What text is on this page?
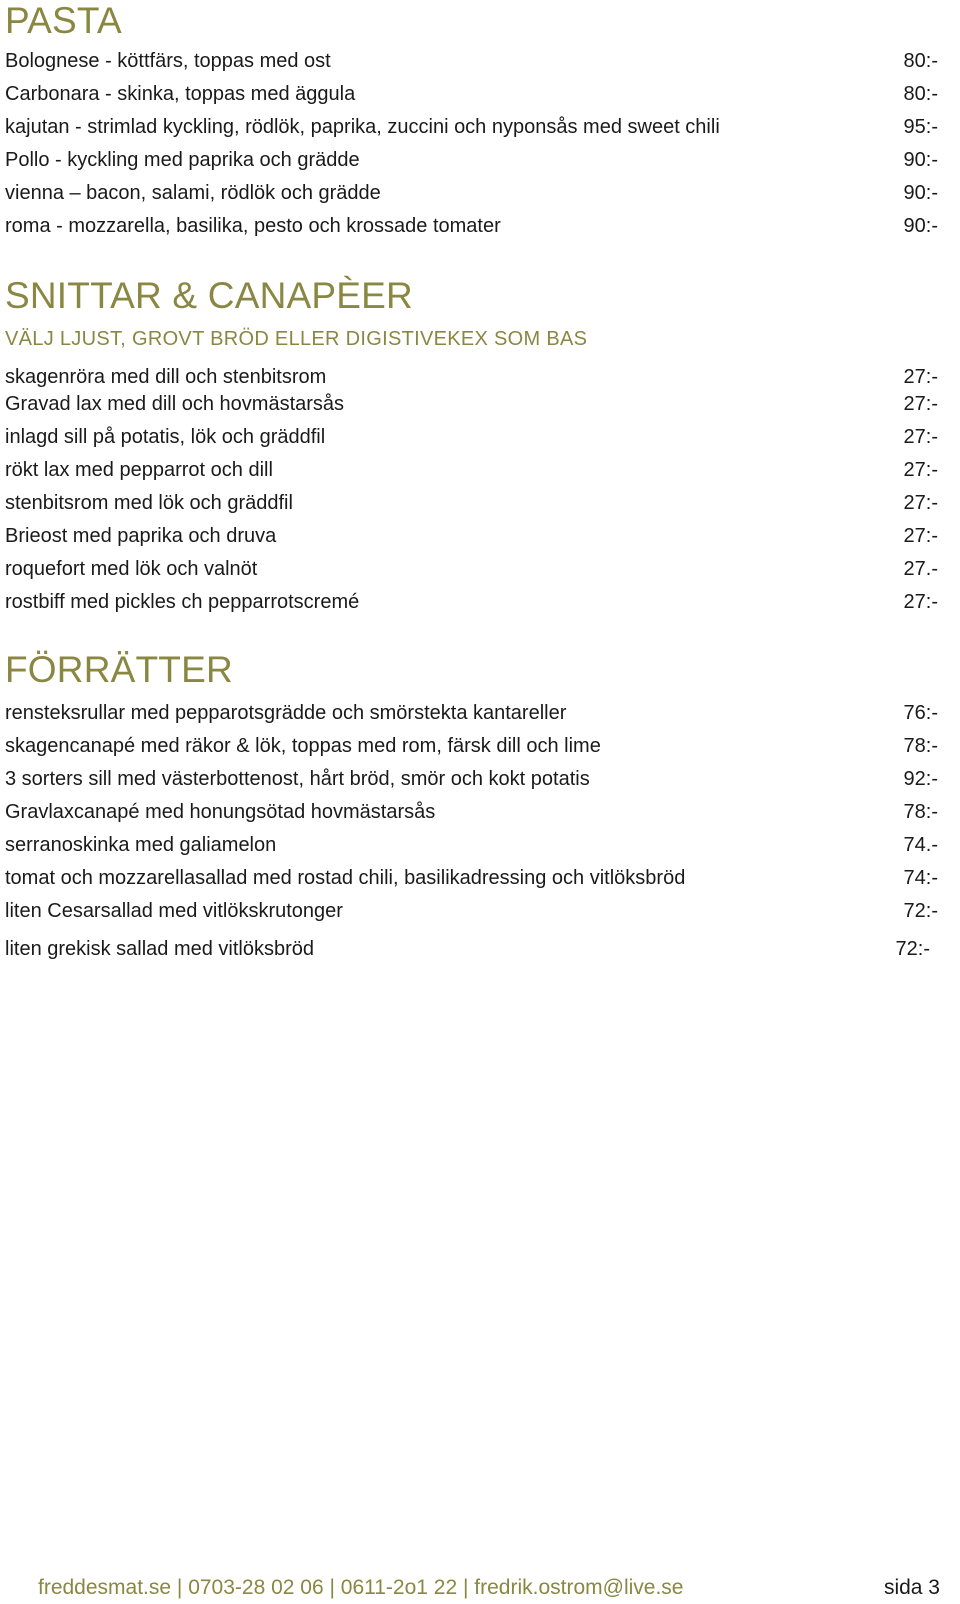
PASTA
Bolognese - köttfärs, toppas med ost	80:-
Carbonara - skinka, toppas med äggula	80:-
kajutan - strimlad kyckling, rödlök, paprika, zuccini och nyponsås med sweet chili	95:-
Pollo - kyckling med paprika och grädde	90:-
vienna – bacon, salami, rödlök och grädde	90:-
roma - mozzarella, basilika, pesto och krossade tomater	90:-
SNITTAR & CANAPÈER
VÄLJ LJUST, GROVT BRÖD ELLER DIGISTIVEKEX SOM BAS
skagenröra med dill och stenbitsrom	27:-
Gravad lax med dill och hovmästarsås	27:-
inlagd sill på potatis, lök och gräddfil	27:-
rökt lax med pepparrot och dill	27:-
stenbitsrom med lök och gräddfil	27:-
Brieost med paprika och druva	27:-
roquefort med lök och valnöt	27.-
rostbiff med pickles ch pepparrotscremé	27:-
FÖRRÄTTER
rensteksrullar med pepparotsgrädde och smörstekta kantareller	76:-
skagencanapé med räkor & lök, toppas med rom, färsk dill och lime	78:-
3 sorters sill med västerbottenost, hårt bröd, smör och kokt potatis	92:-
Gravlaxcanapé med honungsötad hovmästarsås	78:-
serranoskinka med galiamelon	74.-
tomat och mozzarellasallad med rostad chili, basilikadressing och vitlöksbröd	74:-
liten Cesarsallad med vitlökskrutonger	72:-
liten grekisk sallad med vitlöksbröd	72:-
freddesmat.se | 0703-28 02 06 | 0611-2o1 22 | fredrik.ostrom@live.se	sida 3
